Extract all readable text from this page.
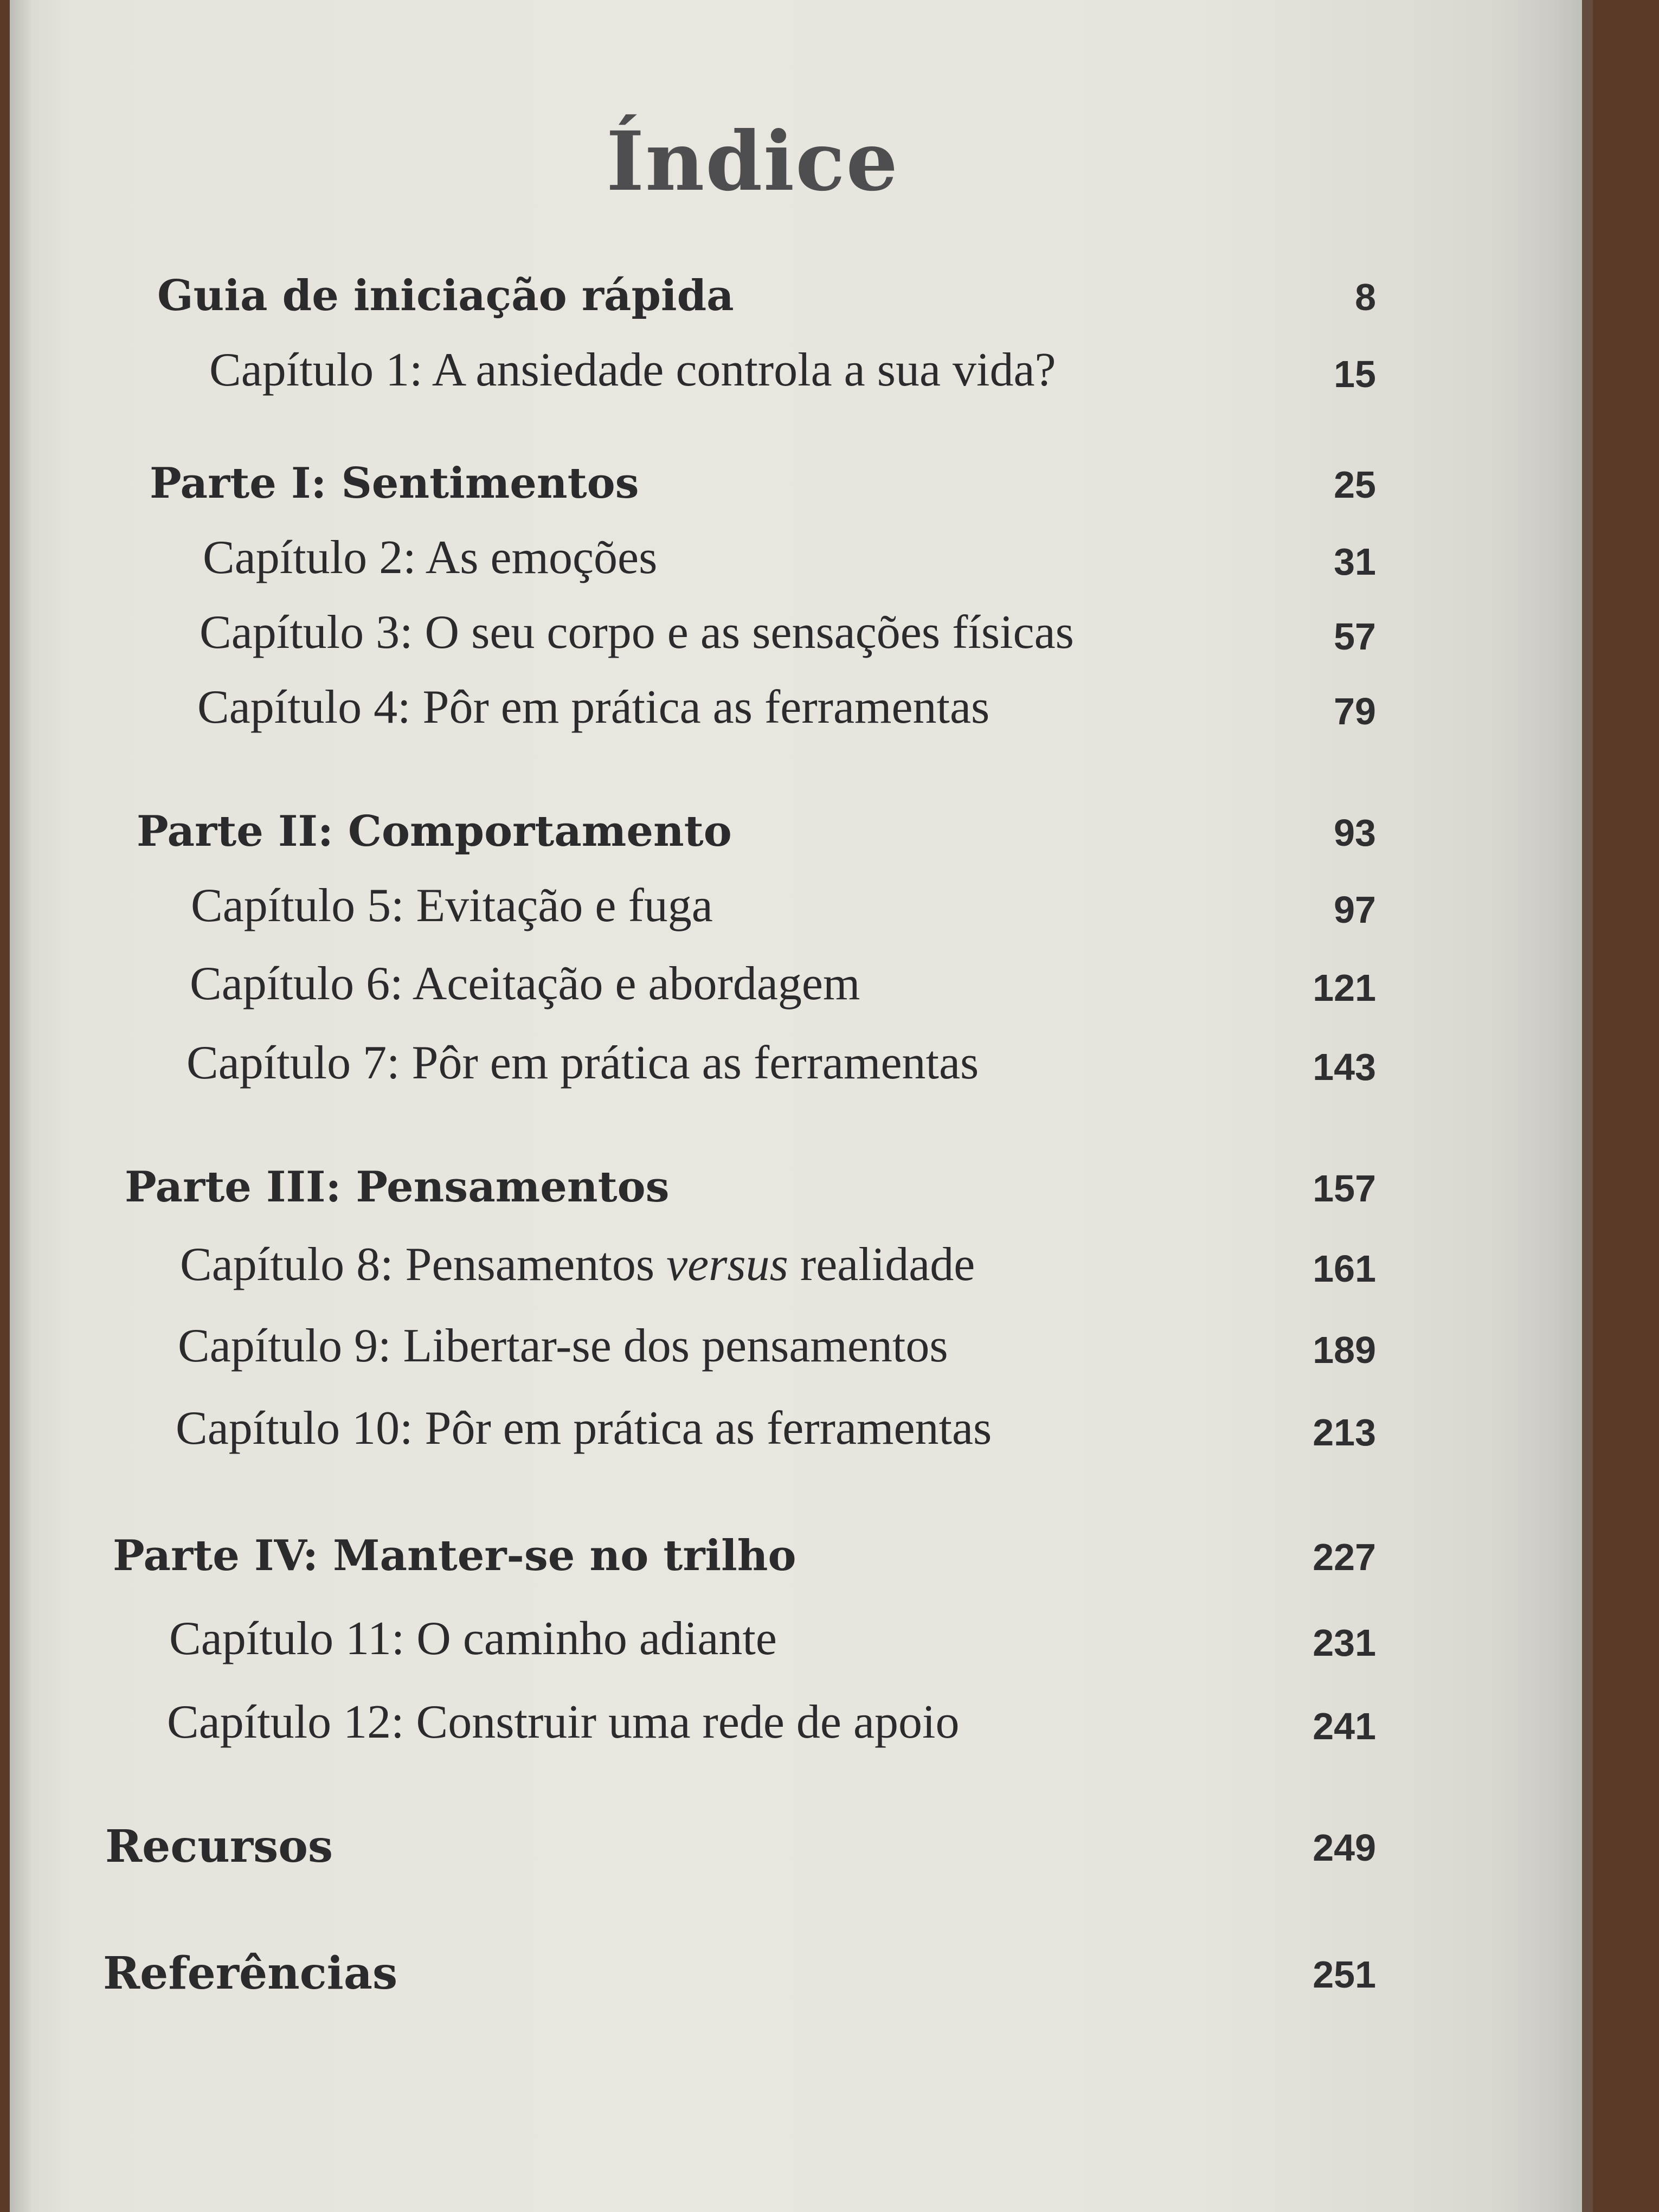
Índice
Guia de iniciação rápida	8
Capítulo 1: A ansiedade controla a sua vida?	15
Parte I: Sentimentos	25
Capítulo 2: As emoções	31
Capítulo 3: O seu corpo e as sensações físicas	57
Capítulo 4: Pôr em prática as ferramentas	79
Parte II: Comportamento	93
Capítulo 5: Evitação e fuga	97
Capítulo 6: Aceitação e abordagem	121
Capítulo 7: Pôr em prática as ferramentas	143
Parte III: Pensamentos	157
Capítulo 8: Pensamentos versus realidade	161
Capítulo 9: Libertar-se dos pensamentos	189
Capítulo 10: Pôr em prática as ferramentas	213
Parte IV: Manter-se no trilho	227
Capítulo 11: O caminho adiante	231
Capítulo 12: Construir uma rede de apoio	241
Recursos	249
Referências	251
